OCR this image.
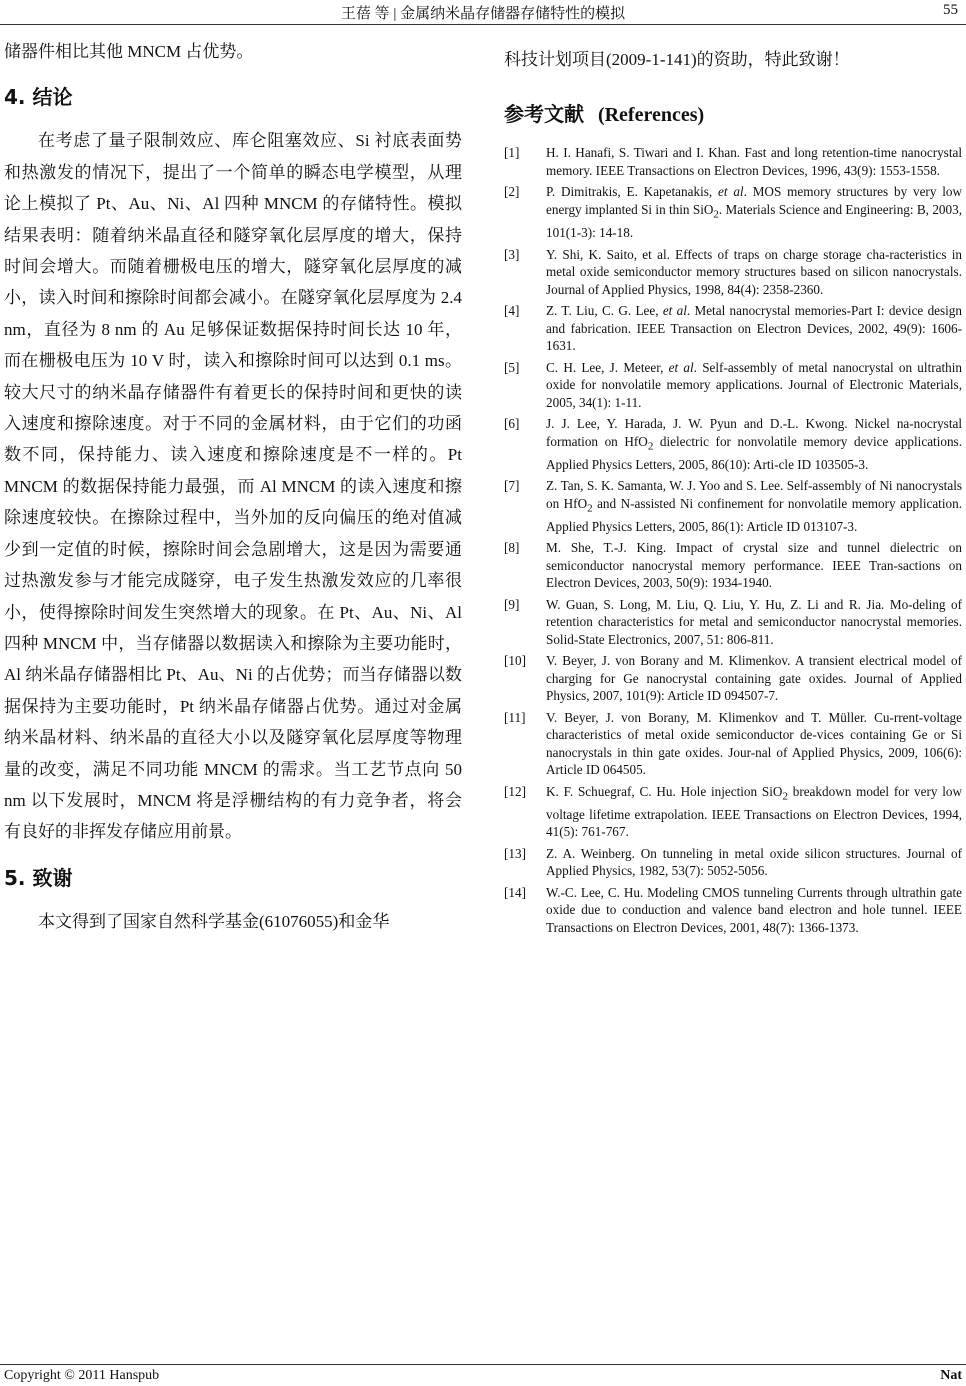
王蓓 等 | 金属纳米晶存储器存储特性的模拟	55

储器件相比其他 MNCM 占优势。

4. 结论

在考虑了量子限制效应、库仑阻塞效应、Si 衬底表面势和热激发的情况下，提出了一个简单的瞬态电学模型，从理论上模拟了 Pt、Au、Ni、Al 四种 MNCM 的存储特性。模拟结果表明：随着纳米晶直径和隧穿氧化层厚度的增大，保持时间会增大。而随着栅极电压的增大，隧穿氧化层厚度的减小，读入时间和擦除时间都会减小。在隧穿氧化层厚度为 2.4 nm，直径为 8 nm 的 Au 足够保证数据保持时间长达 10 年，而在栅极电压为 10 V 时，读入和擦除时间可以达到 0.1 ms。较大尺寸的纳米晶存储器件有着更长的保持时间和更快的读入速度和擦除速度。对于不同的金属材料，由于它们的功函数不同，保持能力、读入速度和擦除速度是不一样的。Pt MNCM 的数据保持能力最强，而 Al MNCM 的读入速度和擦除速度较快。在擦除过程中，当外加的反向偏压的绝对值减少到一定值的时候，擦除时间会急剧增大，这是因为需要通过热激发参与才能完成隧穿，电子发生热激发效应的几率很小，使得擦除时间发生突然增大的现象。在 Pt、Au、Ni、Al 四种 MNCM 中，当存储器以数据读入和擦除为主要功能时，Al 纳米晶存储器相比 Pt、Au、Ni 的占优势；而当存储器以数据保持为主要功能时，Pt 纳米晶存储器占优势。通过对金属纳米晶材料、纳米晶的直径大小以及隧穿氧化层厚度等物理量的改变，满足不同功能 MNCM 的需求。当工艺节点向 50 nm 以下发展时，MNCM 将是浮栅结构的有力竞争者，将会有良好的非挥发存储应用前景。

5. 致谢

本文得到了国家自然科学基金(61076055)和金华

科技计划项目(2009-1-141)的资助，特此致谢！

参考文献 (References)

[1] H. I. Hanafi, S. Tiwari and I. Khan. Fast and long retention-time nanocrystal memory. IEEE Transactions on Electron Devices, 1996, 43(9): 1553-1558.

[2] P. Dimitrakis, E. Kapetanakis, et al. MOS memory structures by very low energy implanted Si in thin SiO$_2$. Materials Science and Engineering: B, 2003, 101(1-3): 14-18.

[3] Y. Shi, K. Saito, et al. Effects of traps on charge storage cha-racteristics in metal oxide semiconductor memory structures based on silicon nanocrystals. Journal of Applied Physics, 1998, 84(4): 2358-2360.

[4] Z. T. Liu, C. G. Lee, et al. Metal nanocrystal memories-Part I: device design and fabrication. IEEE Transaction on Electron Devices, 2002, 49(9): 1606-1631.

[5] C. H. Lee, J. Meteer, et al. Self-assembly of metal nanocrystal on ultrathin oxide for nonvolatile memory applications. Journal of Electronic Materials, 2005, 34(1): 1-11.

[6] J. J. Lee, Y. Harada, J. W. Pyun and D.-L. Kwong. Nickel na-nocrystal formation on HfO$_2$ dielectric for nonvolatile memory device applications. Applied Physics Letters, 2005, 86(10): Arti-cle ID 103505-3.

[7] Z. Tan, S. K. Samanta, W. J. Yoo and S. Lee. Self-assembly of Ni nanocrystals on HfO$_2$ and N-assisted Ni confinement for nonvolatile memory application. Applied Physics Letters, 2005, 86(1): Article ID 013107-3.

[8] M. She, T.-J. King. Impact of crystal size and tunnel dielectric on semiconductor nanocrystal memory performance. IEEE Tran-sactions on Electron Devices, 2003, 50(9): 1934-1940.

[9] W. Guan, S. Long, M. Liu, Q. Liu, Y. Hu, Z. Li and R. Jia. Mo-deling of retention characteristics for metal and semiconductor nanocrystal memories. Solid-State Electronics, 2007, 51: 806-811.

[10] V. Beyer, J. von Borany and M. Klimenkov. A transient electrical model of charging for Ge nanocrystal containing gate oxides. Journal of Applied Physics, 2007, 101(9): Article ID 094507-7.

[11] V. Beyer, J. von Borany, M. Klimenkov and T. Müller. Cu-rrent-voltage characteristics of metal oxide semiconductor de-vices containing Ge or Si nanocrystals in thin gate oxides. Jour-nal of Applied Physics, 2009, 106(6): Article ID 064505.

[12] K. F. Schuegraf, C. Hu. Hole injection SiO$_2$ breakdown model for very low voltage lifetime extrapolation. IEEE Transactions on Electron Devices, 1994, 41(5): 761-767.

[13] Z. A. Weinberg. On tunneling in metal oxide silicon structures. Journal of Applied Physics, 1982, 53(7): 5052-5056.

[14] W.-C. Lee, C. Hu. Modeling CMOS tunneling Currents through ultrathin gate oxide due to conduction and valence band electron and hole tunnel. IEEE Transactions on Electron Devices, 2001, 48(7): 1366-1373.

Copyright © 2011 Hanspub	Nat
